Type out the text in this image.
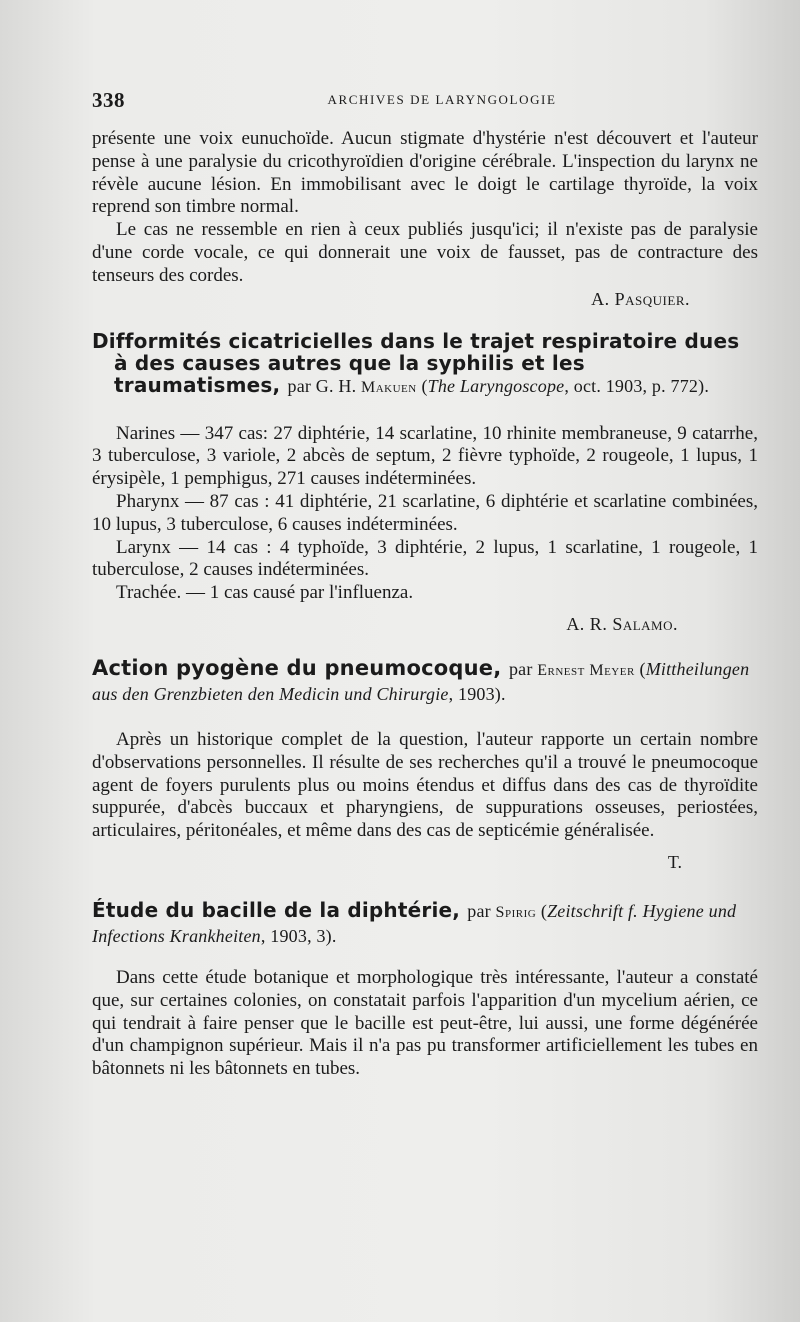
338	ARCHIVES DE LARYNGOLOGIE

présente une voix eunuchoïde. Aucun stigmate d'hystérie n'est découvert et l'auteur pense à une paralysie du cricothyroïdien d'origine cérébrale. L'inspection du larynx ne révèle aucune lésion. En immobilisant avec le doigt le cartilage thyroïde, la voix reprend son timbre normal.

Le cas ne ressemble en rien à ceux publiés jusqu'ici; il n'existe pas de paralysie d'une corde vocale, ce qui donnerait une voix de fausset, pas de contracture des tenseurs des cordes.

A. Pasquier.

Difformités cicatricielles dans le trajet respiratoire dues à des causes autres que la syphilis et les traumatismes, par G. H. Makuen (The Laryngoscope, oct. 1903, p. 772).

Narines — 347 cas: 27 diphtérie, 14 scarlatine, 10 rhinite membraneuse, 9 catarrhe, 3 tuberculose, 3 variole, 2 abcès de septum, 2 fièvre typhoïde, 2 rougeole, 1 lupus, 1 érysipèle, 1 pemphigus, 271 causes indéterminées.

Pharynx — 87 cas : 41 diphtérie, 21 scarlatine, 6 diphtérie et scarlatine combinées, 10 lupus, 3 tuberculose, 6 causes indéterminées.

Larynx — 14 cas : 4 typhoïde, 3 diphtérie, 2 lupus, 1 scarlatine, 1 rougeole, 1 tuberculose, 2 causes indéterminées.

Trachée. — 1 cas causé par l'influenza.

A. R. Salamo.

Action pyogène du pneumocoque, par Ernest Meyer (Mittheilungen aus den Grenzbieten den Medicin und Chirurgie, 1903).

Après un historique complet de la question, l'auteur rapporte un certain nombre d'observations personnelles. Il résulte de ses recherches qu'il a trouvé le pneumocoque agent de foyers purulents plus ou moins étendus et diffus dans des cas de thyroïdite suppurée, d'abcès buccaux et pharyngiens, de suppurations osseuses, periostées, articulaires, péritonéales, et même dans des cas de septicémie généralisée.

T.

Étude du bacille de la diphtérie, par Spirig (Zeitschrift f. Hygiene und Infections Krankheiten, 1903, 3).

Dans cette étude botanique et morphologique très intéressante, l'auteur a constaté que, sur certaines colonies, on constatait parfois l'apparition d'un mycelium aérien, ce qui tendrait à faire penser que le bacille est peut-être, lui aussi, une forme dégénérée d'un champignon supérieur. Mais il n'a pas pu transformer artificiellement les tubes en bâtonnets ni les bâtonnets en tubes.
